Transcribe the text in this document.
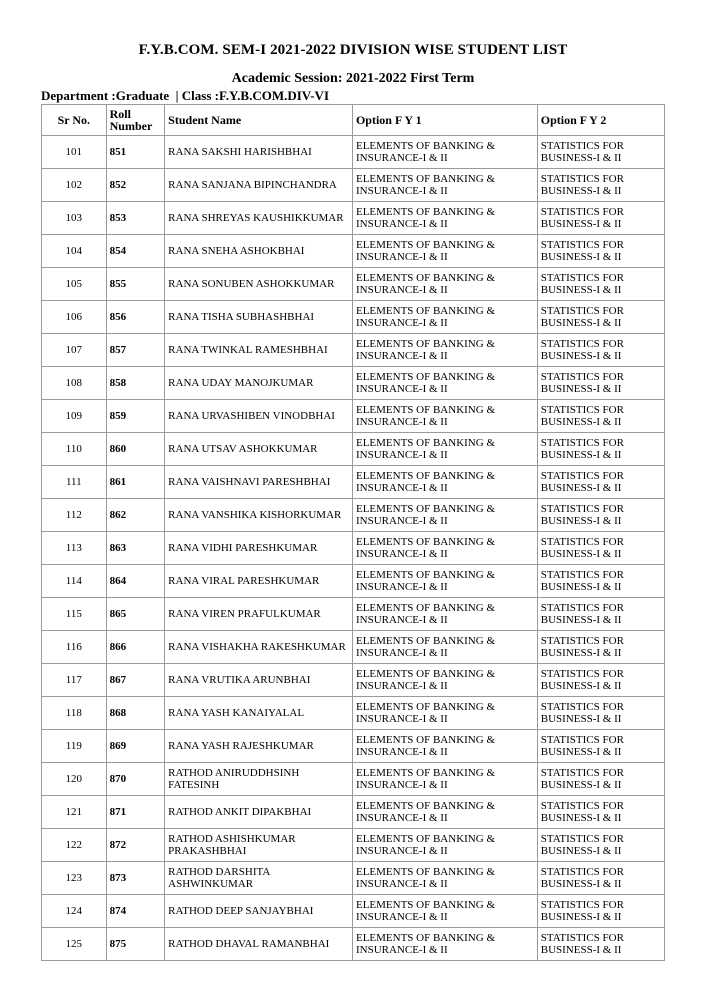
F.Y.B.COM. SEM-I 2021-2022 DIVISION WISE STUDENT LIST
Academic Session: 2021-2022 First Term
Department :Graduate  | Class :F.Y.B.COM.DIV-VI
Sr No.	Roll Number	Student Name	Option F Y 1	Option F Y 2
101	851	RANA SAKSHI HARISHBHAI	ELEMENTS OF BANKING & INSURANCE-I & II	STATISTICS FOR BUSINESS-I & II
102	852	RANA SANJANA BIPINCHANDRA	ELEMENTS OF BANKING & INSURANCE-I & II	STATISTICS FOR BUSINESS-I & II
103	853	RANA SHREYAS KAUSHIKKUMAR	ELEMENTS OF BANKING & INSURANCE-I & II	STATISTICS FOR BUSINESS-I & II
104	854	RANA SNEHA ASHOKBHAI	ELEMENTS OF BANKING & INSURANCE-I & II	STATISTICS FOR BUSINESS-I & II
105	855	RANA SONUBEN ASHOKKUMAR	ELEMENTS OF BANKING & INSURANCE-I & II	STATISTICS FOR BUSINESS-I & II
106	856	RANA TISHA SUBHASHBHAI	ELEMENTS OF BANKING & INSURANCE-I & II	STATISTICS FOR BUSINESS-I & II
107	857	RANA TWINKAL RAMESHBHAI	ELEMENTS OF BANKING & INSURANCE-I & II	STATISTICS FOR BUSINESS-I & II
108	858	RANA UDAY MANOJKUMAR	ELEMENTS OF BANKING & INSURANCE-I & II	STATISTICS FOR BUSINESS-I & II
109	859	RANA URVASHIBEN VINODBHAI	ELEMENTS OF BANKING & INSURANCE-I & II	STATISTICS FOR BUSINESS-I & II
110	860	RANA UTSAV ASHOKKUMAR	ELEMENTS OF BANKING & INSURANCE-I & II	STATISTICS FOR BUSINESS-I & II
111	861	RANA VAISHNAVI PARESHBHAI	ELEMENTS OF BANKING & INSURANCE-I & II	STATISTICS FOR BUSINESS-I & II
112	862	RANA VANSHIKA KISHORKUMAR	ELEMENTS OF BANKING & INSURANCE-I & II	STATISTICS FOR BUSINESS-I & II
113	863	RANA VIDHI PARESHKUMAR	ELEMENTS OF BANKING & INSURANCE-I & II	STATISTICS FOR BUSINESS-I & II
114	864	RANA VIRAL PARESHKUMAR	ELEMENTS OF BANKING & INSURANCE-I & II	STATISTICS FOR BUSINESS-I & II
115	865	RANA VIREN PRAFULKUMAR	ELEMENTS OF BANKING & INSURANCE-I & II	STATISTICS FOR BUSINESS-I & II
116	866	RANA VISHAKHA RAKESHKUMAR	ELEMENTS OF BANKING & INSURANCE-I & II	STATISTICS FOR BUSINESS-I & II
117	867	RANA VRUTIKA ARUNBHAI	ELEMENTS OF BANKING & INSURANCE-I & II	STATISTICS FOR BUSINESS-I & II
118	868	RANA YASH KANAIYALAL	ELEMENTS OF BANKING & INSURANCE-I & II	STATISTICS FOR BUSINESS-I & II
119	869	RANA YASH RAJESHKUMAR	ELEMENTS OF BANKING & INSURANCE-I & II	STATISTICS FOR BUSINESS-I & II
120	870	RATHOD ANIRUDDHSINH FATESINH	ELEMENTS OF BANKING & INSURANCE-I & II	STATISTICS FOR BUSINESS-I & II
121	871	RATHOD ANKIT DIPAKBHAI	ELEMENTS OF BANKING & INSURANCE-I & II	STATISTICS FOR BUSINESS-I & II
122	872	RATHOD ASHISHKUMAR PRAKASHBHAI	ELEMENTS OF BANKING & INSURANCE-I & II	STATISTICS FOR BUSINESS-I & II
123	873	RATHOD DARSHITA ASHWINKUMAR	ELEMENTS OF BANKING & INSURANCE-I & II	STATISTICS FOR BUSINESS-I & II
124	874	RATHOD DEEP SANJAYBHAI	ELEMENTS OF BANKING & INSURANCE-I & II	STATISTICS FOR BUSINESS-I & II
125	875	RATHOD DHAVAL RAMANBHAI	ELEMENTS OF BANKING & INSURANCE-I & II	STATISTICS FOR BUSINESS-I & II
